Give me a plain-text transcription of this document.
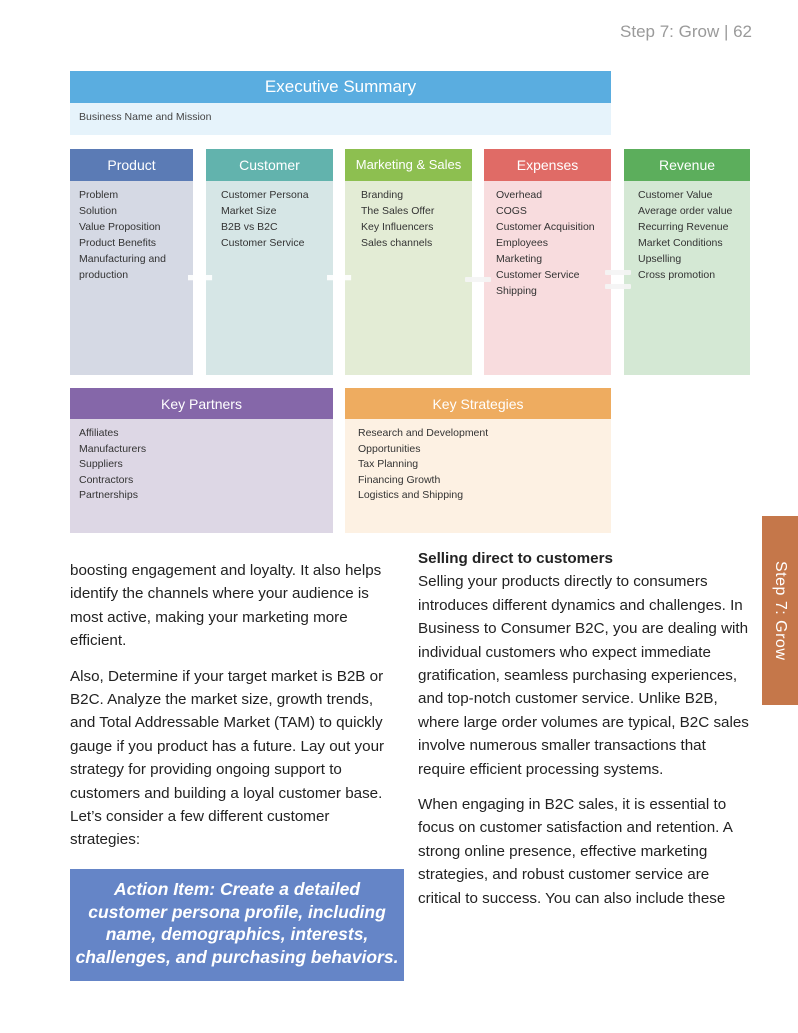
Step 7: Grow | 62
Step 7: Grow
Executive Summary
Business Name and Mission
Product
Problem
Solution
Value Proposition
Product Benefits
Manufacturing and
production
Customer
Customer Persona
Market Size
B2B vs B2C
Customer Service
Marketing & Sales
Branding
The Sales Offer
Key Influencers
Sales channels
Expenses
Overhead
COGS
Customer Acquisition
Employees
Marketing
Customer Service
Shipping
Revenue
Customer Value
Average order value
Recurring Revenue
Market Conditions
Upselling
Cross promotion
+ +
Key Partners
Affiliates
Manufacturers
Suppliers
Contractors
Partnerships
Key Strategies
Research and Development
Opportunities
Tax Planning
Financing Growth
Logistics and Shipping

boosting engagement and loyalty. It also helps identify the channels where your audience is most active, making your marketing more efficient.

Also, Determine if your target market is B2B or B2C. Analyze the market size, growth trends, and Total Addressable Market (TAM) to quickly gauge if you product has a future. Lay out your strategy for providing ongoing support to customers and building a loyal customer base. Let’s consider a few different customer strategies:

Action Item: Create a detailed customer persona profile, including name, demographics, interests, challenges, and purchasing behaviors.
Selling direct to customers

Selling your products directly to consumers introduces different dynamics and challenges. In Business to Consumer B2C, you are dealing with individual customers who expect immediate gratification, seamless purchasing experiences, and top-notch customer service. Unlike B2B, where large order volumes are typical, B2C sales involve numerous smaller transactions that require efficient processing systems.

When engaging in B2C sales, it is essential to focus on customer satisfaction and retention. A strong online presence, effective marketing strategies, and robust customer service are critical to success. You can also include these
